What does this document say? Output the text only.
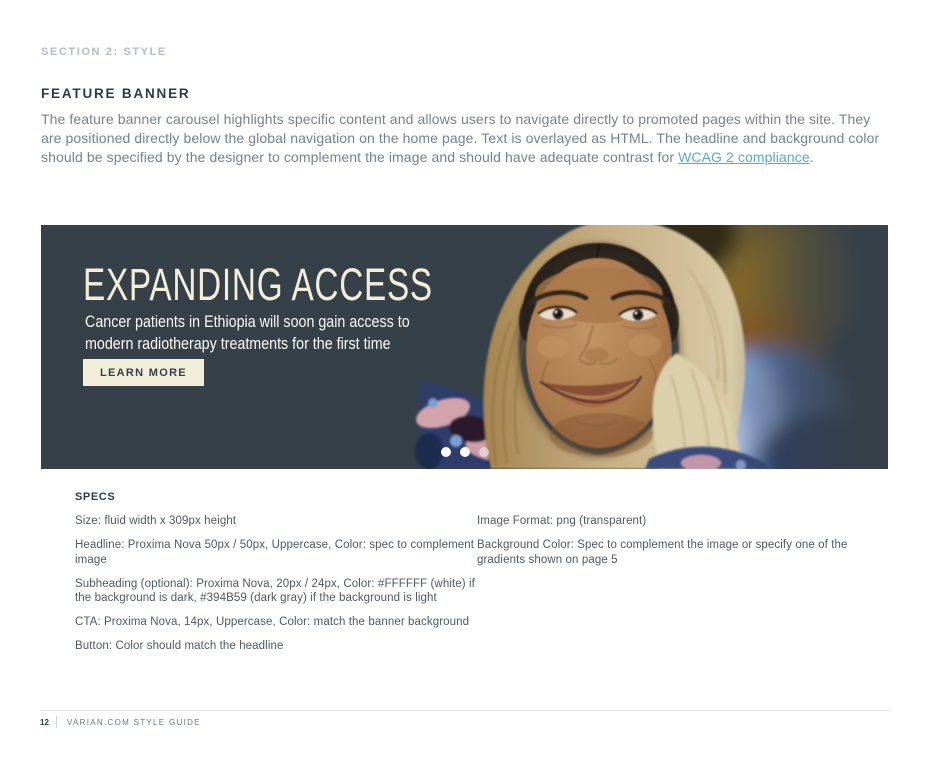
SECTION 2: STYLE
FEATURE BANNER

The feature banner carousel highlights specific content and allows users to navigate directly to promoted pages within the site. They are positioned directly below the global navigation on the home page. Text is overlayed as HTML. The headline and background color should be specified by the designer to complement the image and should have adequate contrast for WCAG 2 compliance.

EXPANDING ACCESS
Cancer patients in Ethiopia will soon gain access to
modern radiotherapy treatments for the first time
LEARN MORE
SPECS

Size: fluid width x 309px height

Headline: Proxima Nova 50px / 50px, Uppercase, Color: spec to complement image

Subheading (optional): Proxima Nova, 20px / 24px, Color: #FFFFFF (white) if the background is dark, #394B59 (dark gray) if the background is light

CTA: Proxima Nova, 14px, Uppercase, Color: match the banner background

Button: Color should match the headline

Image Format: png (transparent)

Background Color: Spec to complement the image or specify one of the gradients shown on page 5

12	VARIAN.COM STYLE GUIDE
